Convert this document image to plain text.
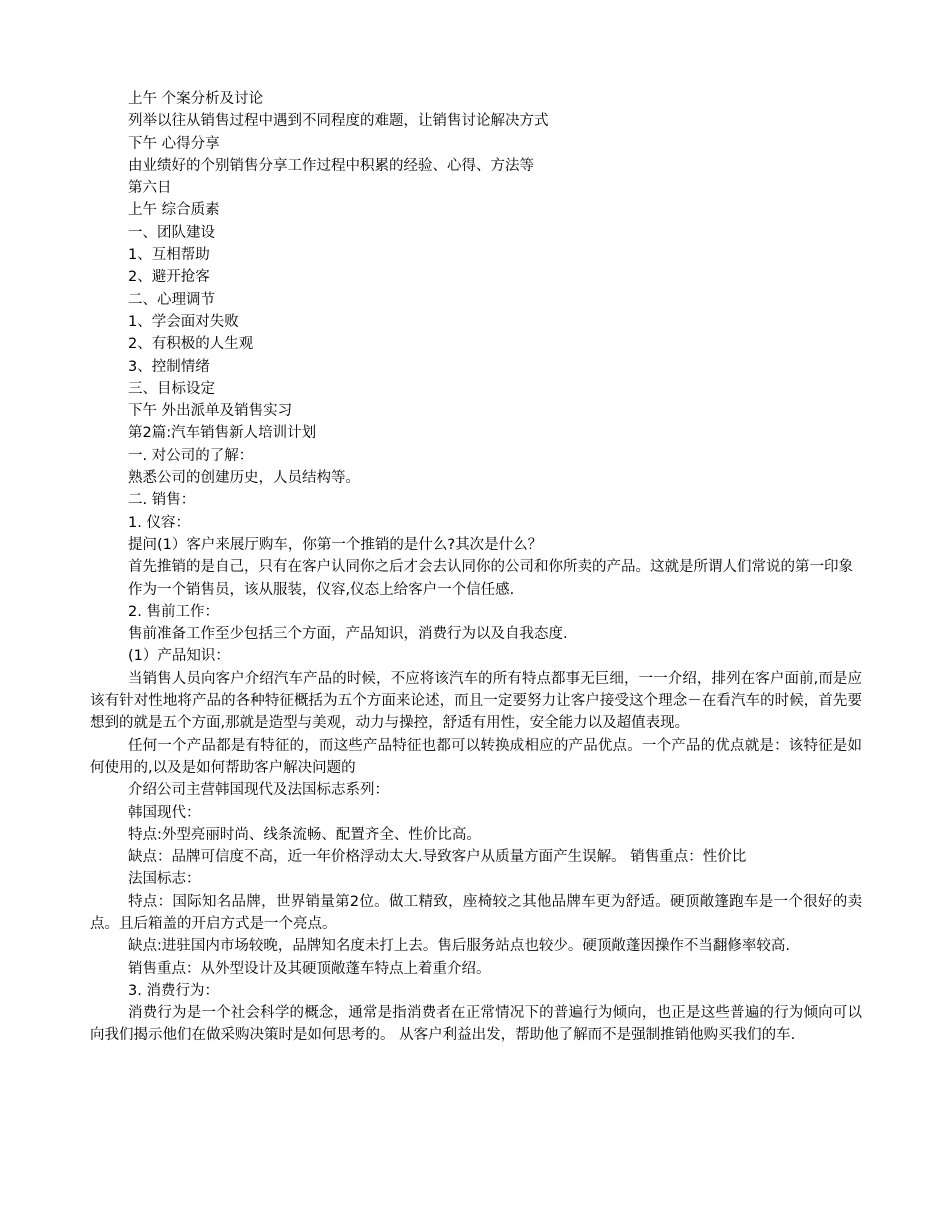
上午 个案分析及讨论

列举以往从销售过程中遇到不同程度的难题，让销售讨论解决方式

下午 心得分享

由业绩好的个别销售分享工作过程中积累的经验、心得、方法等

第六日

上午 综合质素

一、团队建设

1、互相帮助

2、避开抢客

二、心理调节

1、学会面对失败

2、有积极的人生观

3、控制情绪

三、目标设定

下午 外出派单及销售实习

第2篇:汽车销售新人培训计划

一. 对公司的了解：

熟悉公司的创建历史，人员结构等。

二. 销售：

1. 仪容：

提问(1）客户来展厅购车，你第一个推销的是什么?其次是什么？

首先推销的是自己，只有在客户认同你之后才会去认同你的公司和你所卖的产品。这就是所谓人们常说的第一印象

作为一个销售员，该从服装，仪容,仪态上给客户一个信任感.

2. 售前工作：

售前准备工作至少包括三个方面，产品知识，消费行为以及自我态度.

(1）产品知识：

当销售人员向客户介绍汽车产品的时候，不应将该汽车的所有特点都事无巨细，一一介绍，排列在客户面前,而是应该有针对性地将产品的各种特征概括为五个方面来论述，而且一定要努力让客户接受这个理念－在看汽车的时候，首先要想到的就是五个方面,那就是造型与美观，动力与操控，舒适有用性，安全能力以及超值表现。

任何一个产品都是有特征的，而这些产品特征也都可以转换成相应的产品优点。一个产品的优点就是：该特征是如何使用的,以及是如何帮助客户解决问题的

介绍公司主营韩国现代及法国标志系列：

韩国现代：

特点:外型亮丽时尚、线条流畅、配置齐全、性价比高。

缺点：品牌可信度不高，近一年价格浮动太大.导致客户从质量方面产生误解。 销售重点：性价比

法国标志：

特点：国际知名品牌，世界销量第2位。做工精致，座椅较之其他品牌车更为舒适。硬顶敞篷跑车是一个很好的卖点。且后箱盖的开启方式是一个亮点。

缺点:进驻国内市场较晚，品牌知名度未打上去。售后服务站点也较少。硬顶敞蓬因操作不当翻修率较高.

销售重点：从外型设计及其硬顶敞蓬车特点上着重介绍。

3. 消费行为：

消费行为是一个社会科学的概念，通常是指消费者在正常情况下的普遍行为倾向，也正是这些普遍的行为倾向可以向我们揭示他们在做采购决策时是如何思考的。 从客户利益出发，帮助他了解而不是强制推销他购买我们的车.
